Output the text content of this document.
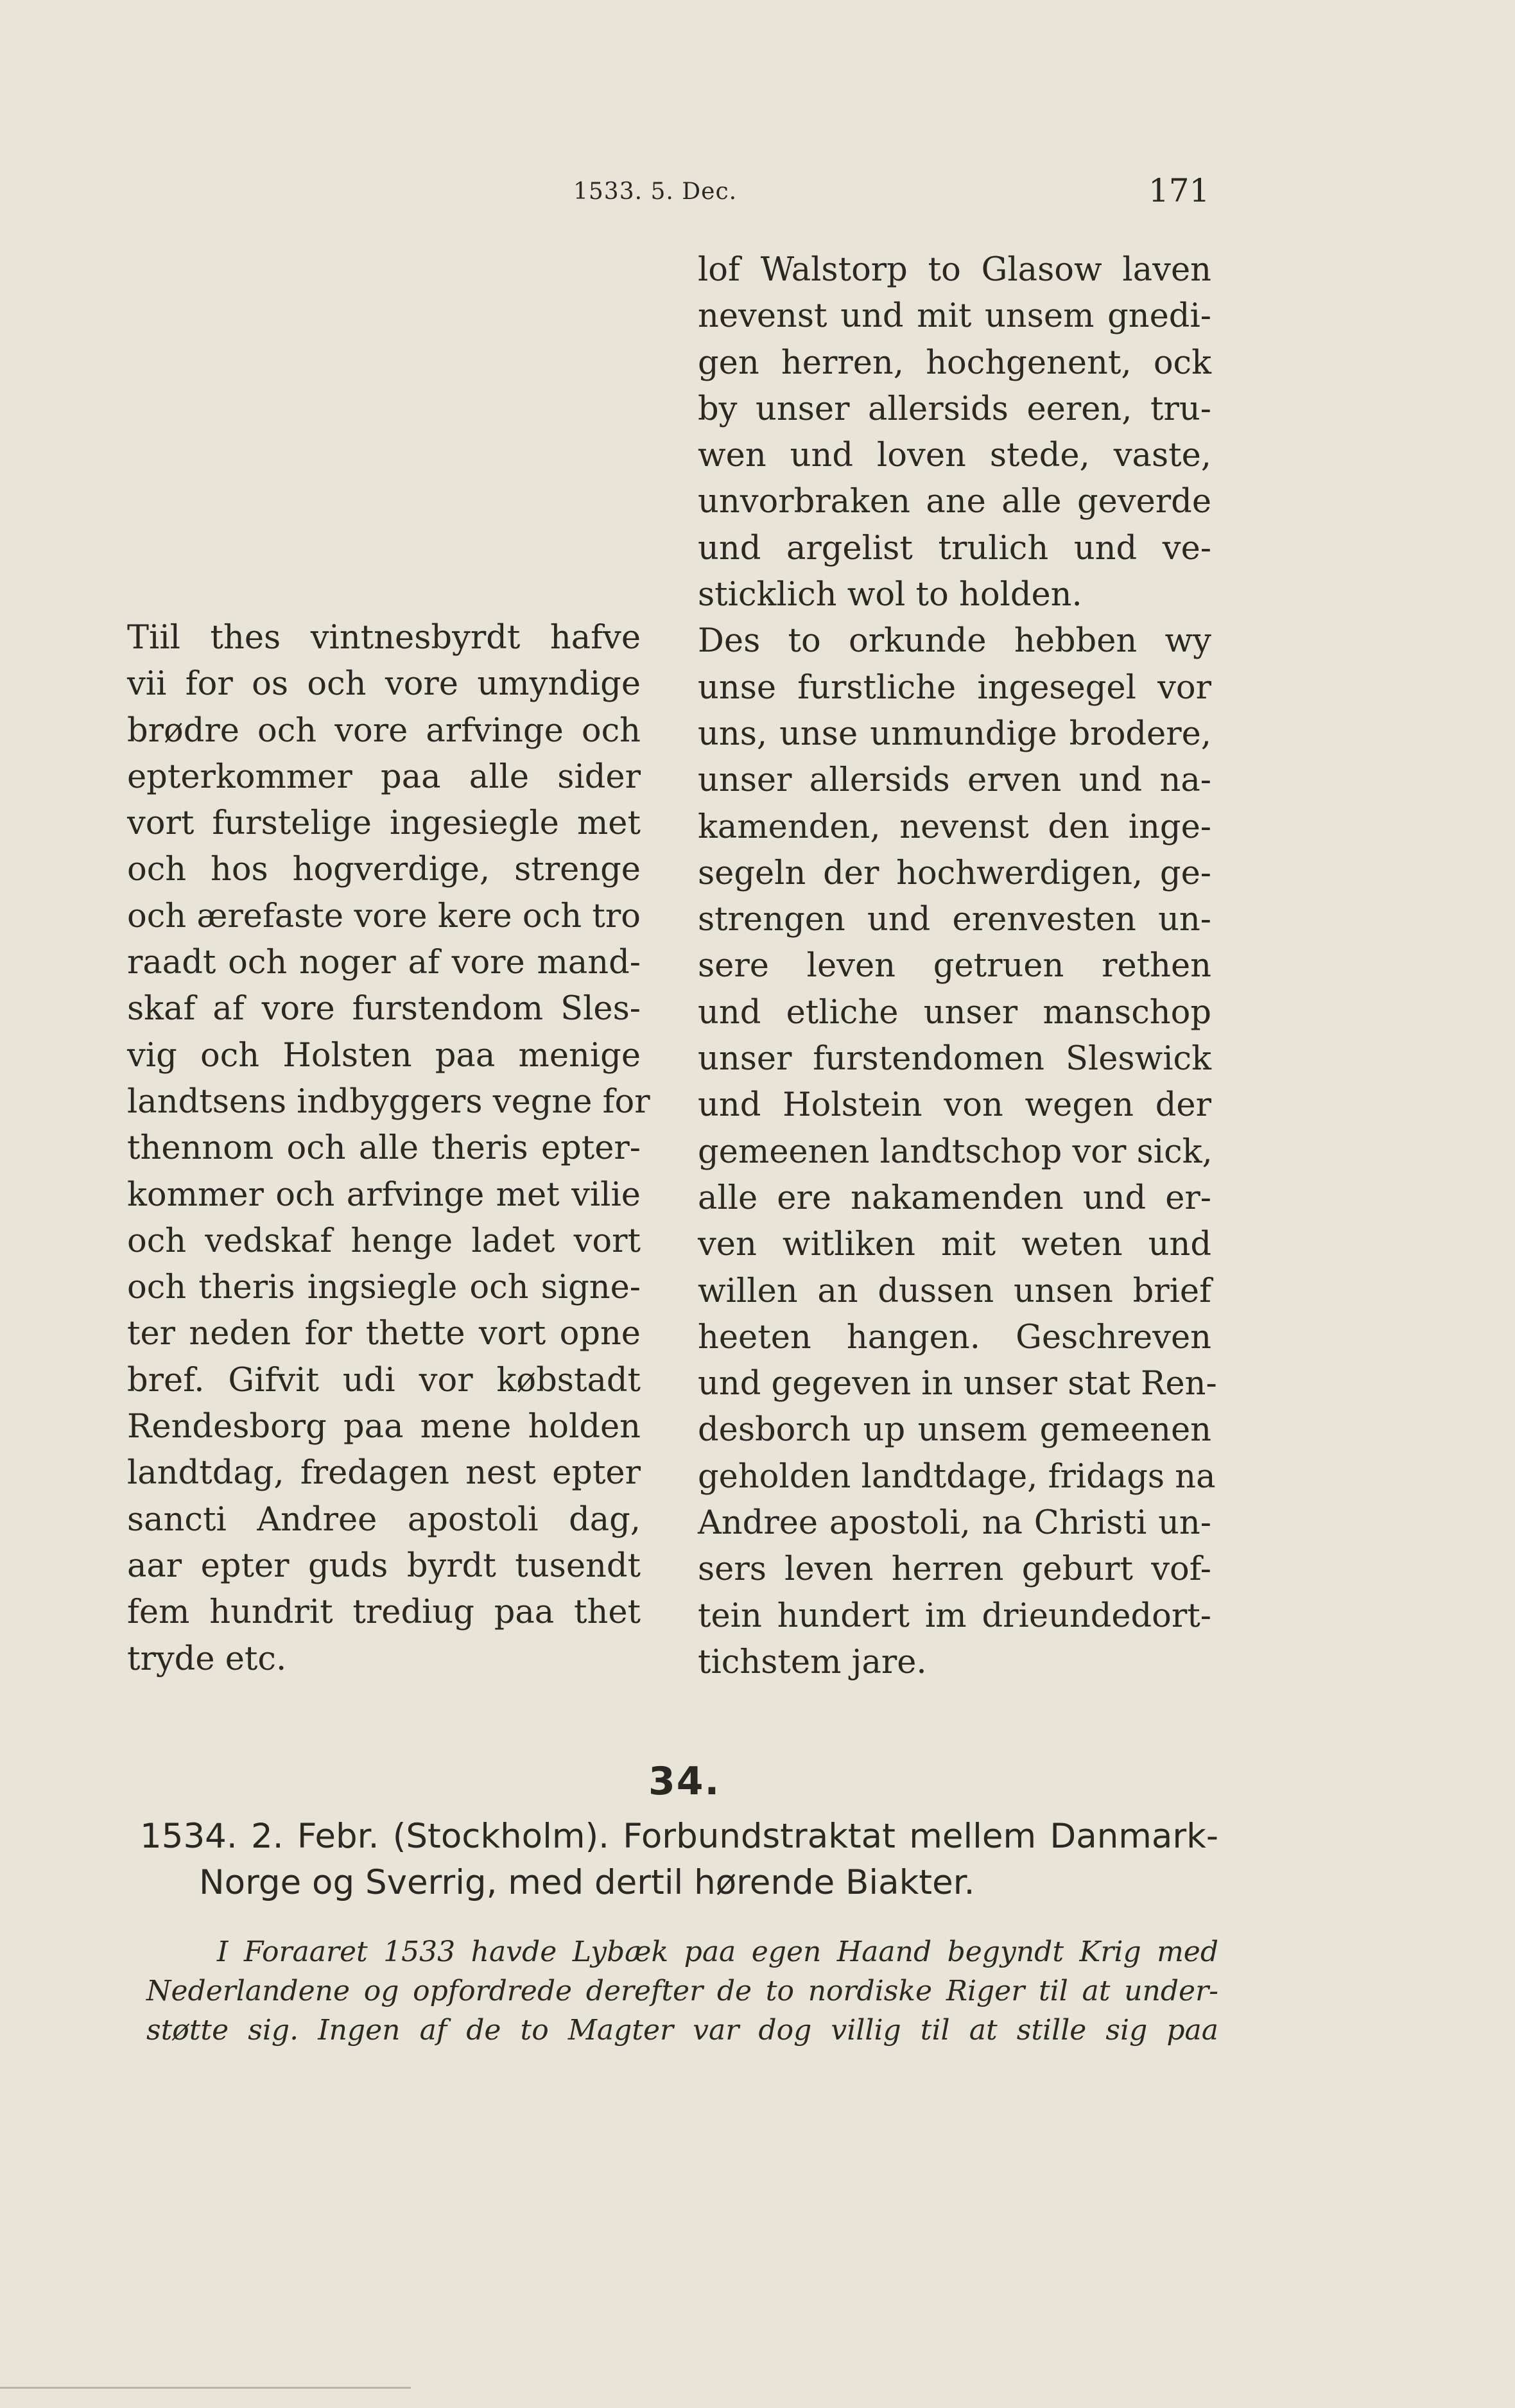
1533. 5. Dec.	171
Tiil thes vintnesbyrdt hafve
vii for os och vore umyndige
brødre och vore arfvinge och
epterkommer paa alle sider
vort furstelige ingesiegle met
och hos hogverdige, strenge
och ærefaste vore kere och tro
raadt och noger af vore mand-
skaf af vore furstendom Sles-
vig och Holsten paa menige
landtsens indbyggers vegne for
thennom och alle theris epter-
kommer och arfvinge met vilie
och vedskaf henge ladet vort
och theris ingsiegle och signe-
ter neden for thette vort opne
bref. Gifvit udi vor købstadt
Rendesborg paa mene holden
landtdag, fredagen nest epter
sancti Andree apostoli dag,
aar epter guds byrdt tusendt
fem hundrit trediug paa thet
tryde etc.
lof Walstorp to Glasow laven
nevenst und mit unsem gnedi-
gen herren, hochgenent, ock
by unser allersids eeren, tru-
wen und loven stede, vaste,
unvorbraken ane alle geverde
und argelist trulich und ve-
sticklich wol to holden.
Des to orkunde hebben wy
unse furstliche ingesegel vor
uns, unse unmundige brodere,
unser allersids erven und na-
kamenden, nevenst den inge-
segeln der hochwerdigen, ge-
strengen und erenvesten un-
sere leven getruen rethen
und etliche unser manschop
unser furstendomen Sleswick
und Holstein von wegen der
gemeenen landtschop vor sick,
alle ere nakamenden und er-
ven witliken mit weten und
willen an dussen unsen brief
heeten hangen. Geschreven
und gegeven in unser stat Ren-
desborch up unsem gemeenen
geholden landtdage, fridags na
Andree apostoli, na Christi un-
sers leven herren geburt vof-
tein hundert im drieundedort-
tichstem jare.
34.
1534. 2. Febr. (Stockholm). Forbundstraktat mellem Danmark-
Norge og Sverrig, med dertil hørende Biakter.
I Foraaret 1533 havde Lybæk paa egen Haand begyndt Krig med
Nederlandene og opfordrede derefter de to nordiske Riger til at under-
støtte sig. Ingen af de to Magter var dog villig til at stille sig paa
